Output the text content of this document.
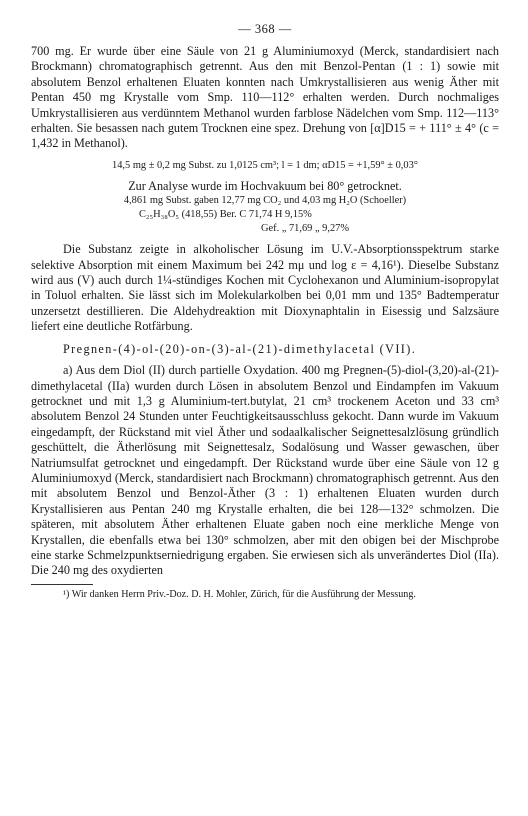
— 368 —

700 mg. Er wurde über eine Säule von 21 g Aluminiumoxyd (Merck, standardisiert nach Brockmann) chromatographisch getrennt. Aus den mit Benzol-Pentan (1 : 1) sowie mit absolutem Benzol erhaltenen Eluaten konnten nach Umkrystallisieren aus wenig Äther mit Pentan 450 mg Krystalle vom Smp. 110—112° erhalten werden. Durch nochmaliges Umkrystallisieren aus verdünntem Methanol wurden farblose Nädelchen vom Smp. 112—113° erhalten. Sie besassen nach gutem Trocknen eine spez. Drehung von [α]D15 = + 111° ± 4° (c = 1,432 in Methanol).

14,5 mg ± 0,2 mg Subst. zu 1,0125 cm³; l = 1 dm; αD15 = +1,59° ± 0,03°

Zur Analyse wurde im Hochvakuum bei 80° getrocknet.

4,861 mg Subst. gaben 12,77 mg CO₂ und 4,03 mg H₂O (Schoeller)

C₂₅H₃₈O₅ (418,55) Ber. C 71,74 H 9,15%

Gef. „ 71,69 „ 9,27%

Die Substanz zeigte in alkoholischer Lösung im U.V.-Absorptionsspektrum starke selektive Absorption mit einem Maximum bei 242 mμ und log ε = 4,16¹). Dieselbe Substanz wird aus (V) auch durch 1¼-stündiges Kochen mit Cyclohexanon und Aluminium-isopropylat in Toluol erhalten. Sie lässt sich im Molekularkolben bei 0,01 mm und 135° Badtemperatur unzersetzt destillieren. Die Aldehydreaktion mit Dioxynaphtalin in Eisessig und Salzsäure liefert eine deutliche Rotfärbung.

Pregnen-(4)-ol-(20)-on-(3)-al-(21)-dimethylacetal (VII).

a) Aus dem Diol (II) durch partielle Oxydation. 400 mg Pregnen-(5)-diol-(3,20)-al-(21)-dimethylacetal (IIa) wurden durch Lösen in absolutem Benzol und Eindampfen im Vakuum getrocknet und mit 1,3 g Aluminium-tert.butylat, 21 cm³ trockenem Aceton und 33 cm³ absolutem Benzol 24 Stunden unter Feuchtigkeitsausschluss gekocht. Dann wurde im Vakuum eingedampft, der Rückstand mit viel Äther und sodaalkalischer Seignettesalzlösung gründlich geschüttelt, die Ätherlösung mit Seignettesalz, Sodalösung und Wasser gewaschen, über Natriumsulfat getrocknet und eingedampft. Der Rückstand wurde über eine Säule von 12 g Aluminiumoxyd (Merck, standardisiert nach Brockmann) chromatographisch getrennt. Aus den mit absolutem Benzol und Benzol-Äther (3 : 1) erhaltenen Eluaten wurden durch Krystallisieren aus Pentan 240 mg Krystalle erhalten, die bei 128—132° schmolzen. Die späteren, mit absolutem Äther erhaltenen Eluate gaben noch eine merkliche Menge von Krystallen, die ebenfalls etwa bei 130° schmolzen, aber mit den obigen bei der Mischprobe eine starke Schmelzpunktserniedrigung ergaben. Sie erwiesen sich als unverändertes Diol (IIa). Die 240 mg des oxydierten

¹) Wir danken Herrn Priv.-Doz. D. H. Mohler, Zürich, für die Ausführung der Messung.
